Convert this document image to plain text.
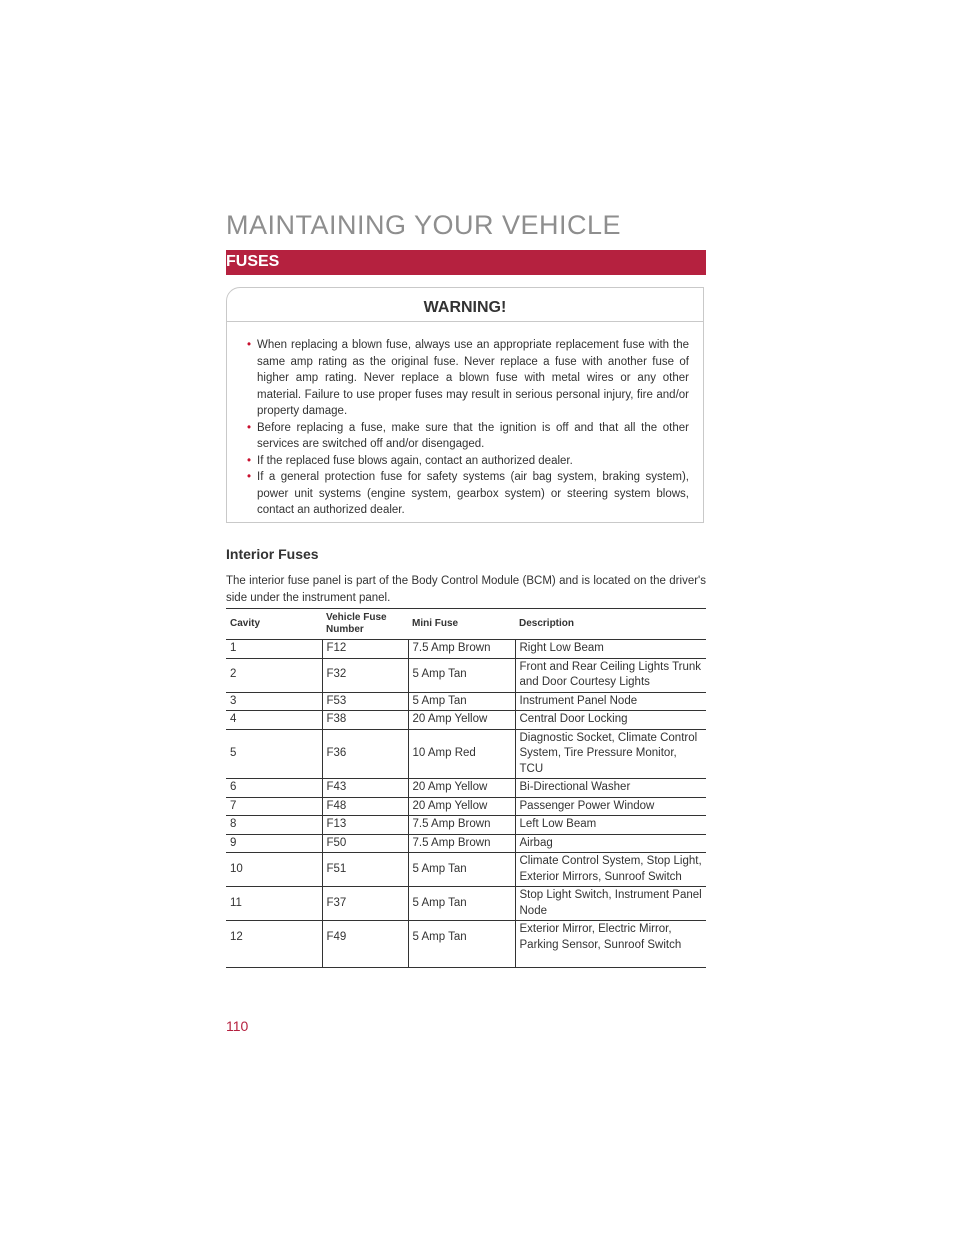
MAINTAINING YOUR VEHICLE
FUSES
WARNING!
• When replacing a blown fuse, always use an appropriate replacement fuse with the same amp rating as the original fuse. Never replace a fuse with another fuse of higher amp rating. Never replace a blown fuse with metal wires or any other material. Failure to use proper fuses may result in serious personal injury, fire and/or property damage.
• Before replacing a fuse, make sure that the ignition is off and that all the other services are switched off and/or disengaged.
• If the replaced fuse blows again, contact an authorized dealer.
• If a general protection fuse for safety systems (air bag system, braking system), power unit systems (engine system, gearbox system) or steering system blows, contact an authorized dealer.
Interior Fuses

The interior fuse panel is part of the Body Control Module (BCM) and is located on the driver's side under the instrument panel.

Cavity	Vehicle Fuse Number	Mini Fuse	Description
1	F12	7.5 Amp Brown	Right Low Beam
2	F32	5 Amp Tan	Front and Rear Ceiling Lights Trunk and Door Courtesy Lights
3	F53	5 Amp Tan	Instrument Panel Node
4	F38	20 Amp Yellow	Central Door Locking
5	F36	10 Amp Red	Diagnostic Socket, Climate Control System, Tire Pressure Monitor, TCU
6	F43	20 Amp Yellow	Bi-Directional Washer
7	F48	20 Amp Yellow	Passenger Power Window
8	F13	7.5 Amp Brown	Left Low Beam
9	F50	7.5 Amp Brown	Airbag
10	F51	5 Amp Tan	Climate Control System, Stop Light, Exterior Mirrors, Sunroof Switch
11	F37	5 Amp Tan	Stop Light Switch, Instrument Panel Node
12	F49	5 Amp Tan	Exterior Mirror, Electric Mirror, Parking Sensor, Sunroof Switch
110
